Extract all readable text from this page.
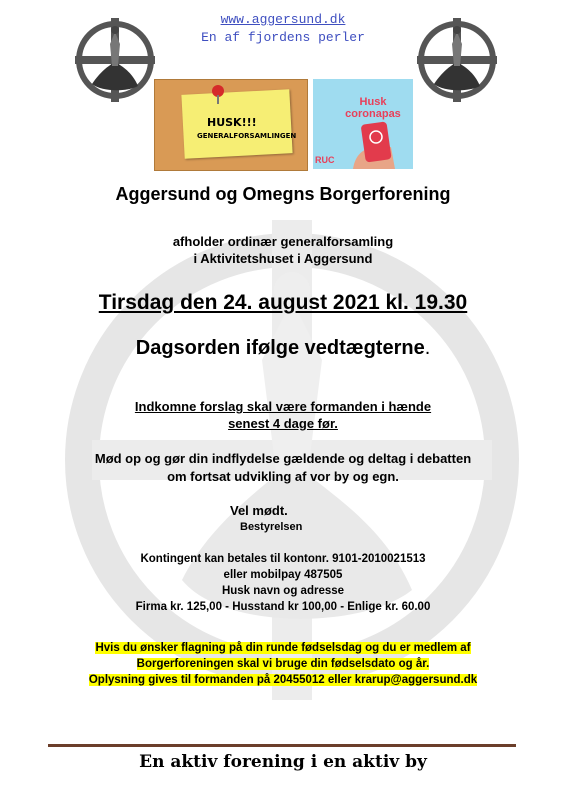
www.aggersund.dk
En af fjordens perler
HUSK!!!
GENERALFORSAMLINGEN
Husk
coronapas
RUC
Aggersund og Omegns Borgerforening
afholder ordinær generalforsamling
i Aktivitetshuset i Aggersund
Tirsdag den 24. august 2021 kl. 19.30
Dagsorden ifølge vedtægterne.
Indkomne forslag skal være formanden i hænde
senest 4 dage før.
Mød op og gør din indflydelse gældende og deltag i debatten
om fortsat udvikling af vor by og egn.
Vel mødt.
Bestyrelsen
Kontingent kan betales til kontonr. 9101-2010021513
eller mobilpay 487505
Husk navn og adresse
Firma kr. 125,00 - Husstand kr 100,00 - Enlige kr. 60.00
Hvis du ønsker flagning på din runde fødselsdag og du er medlem af
Borgerforeningen skal vi bruge din fødselsdato og år.
Oplysning gives til formanden på 20455012 eller krarup@aggersund.dk
En aktiv forening i en aktiv by
